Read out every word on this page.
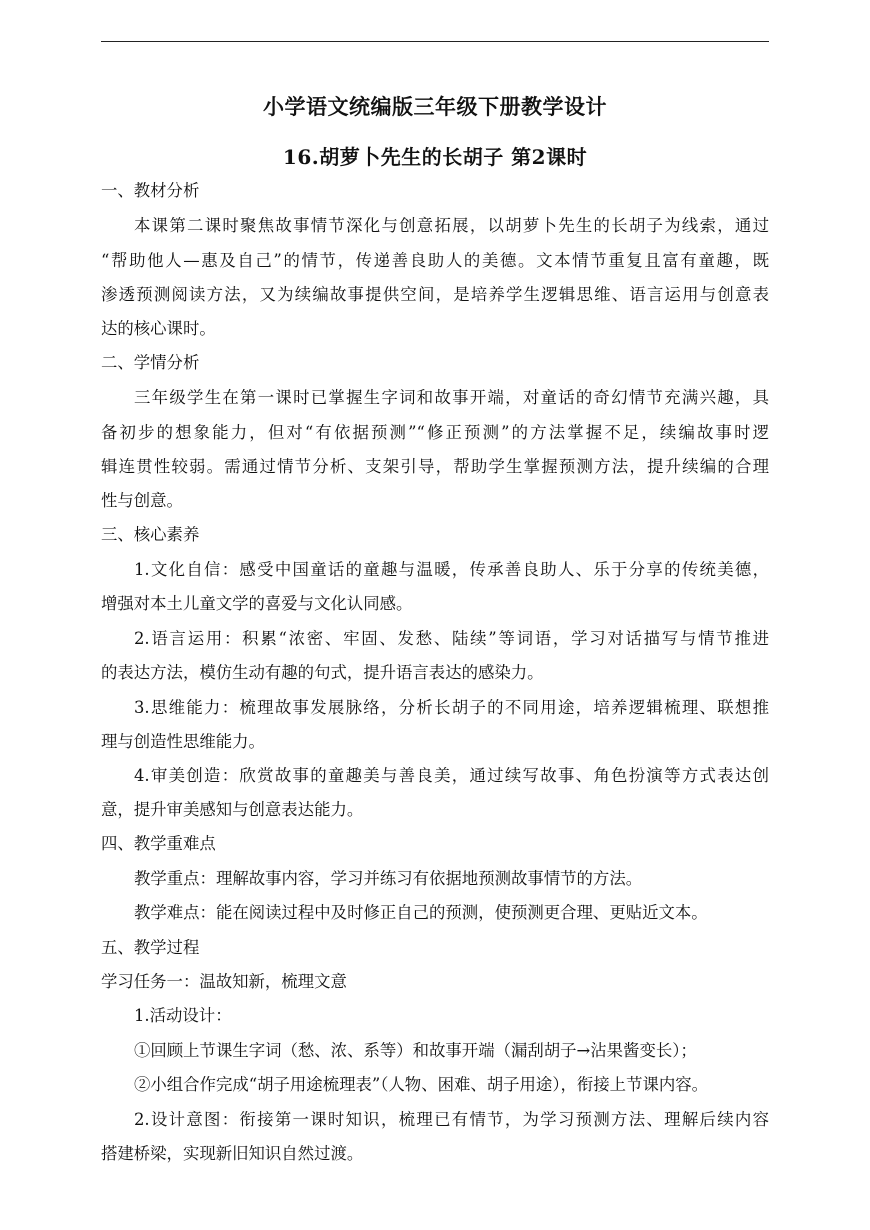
小学语文统编版三年级下册教学设计
16.胡萝卜先生的长胡子 第2课时
一、教材分析
本课第二课时聚焦故事情节深化与创意拓展，以胡萝卜先生的长胡子为线索，通过
“帮助他人—惠及自己”的情节，传递善良助人的美德。文本情节重复且富有童趣，既
渗透预测阅读方法，又为续编故事提供空间，是培养学生逻辑思维、语言运用与创意表
达的核心课时。
二、学情分析
三年级学生在第一课时已掌握生字词和故事开端，对童话的奇幻情节充满兴趣，具
备初步的想象能力，但对“有依据预测”“修正预测”的方法掌握不足，续编故事时逻
辑连贯性较弱。需通过情节分析、支架引导，帮助学生掌握预测方法，提升续编的合理
性与创意。
三、核心素养
1.文化自信：感受中国童话的童趣与温暖，传承善良助人、乐于分享的传统美德，
增强对本土儿童文学的喜爱与文化认同感。
2.语言运用：积累“浓密、牢固、发愁、陆续”等词语，学习对话描写与情节推进
的表达方法，模仿生动有趣的句式，提升语言表达的感染力。
3.思维能力：梳理故事发展脉络，分析长胡子的不同用途，培养逻辑梳理、联想推
理与创造性思维能力。
4.审美创造：欣赏故事的童趣美与善良美，通过续写故事、角色扮演等方式表达创
意，提升审美感知与创意表达能力。
四、教学重难点
教学重点：理解故事内容，学习并练习有依据地预测故事情节的方法。
教学难点：能在阅读过程中及时修正自己的预测，使预测更合理、更贴近文本。
五、教学过程
学习任务一：温故知新，梳理文意
1.活动设计：
①回顾上节课生字词（愁、浓、系等）和故事开端（漏刮胡子→沾果酱变长）；
②小组合作完成“胡子用途梳理表”（人物、困难、胡子用途），衔接上节课内容。
2.设计意图：衔接第一课时知识，梳理已有情节，为学习预测方法、理解后续内容
搭建桥梁，实现新旧知识自然过渡。
